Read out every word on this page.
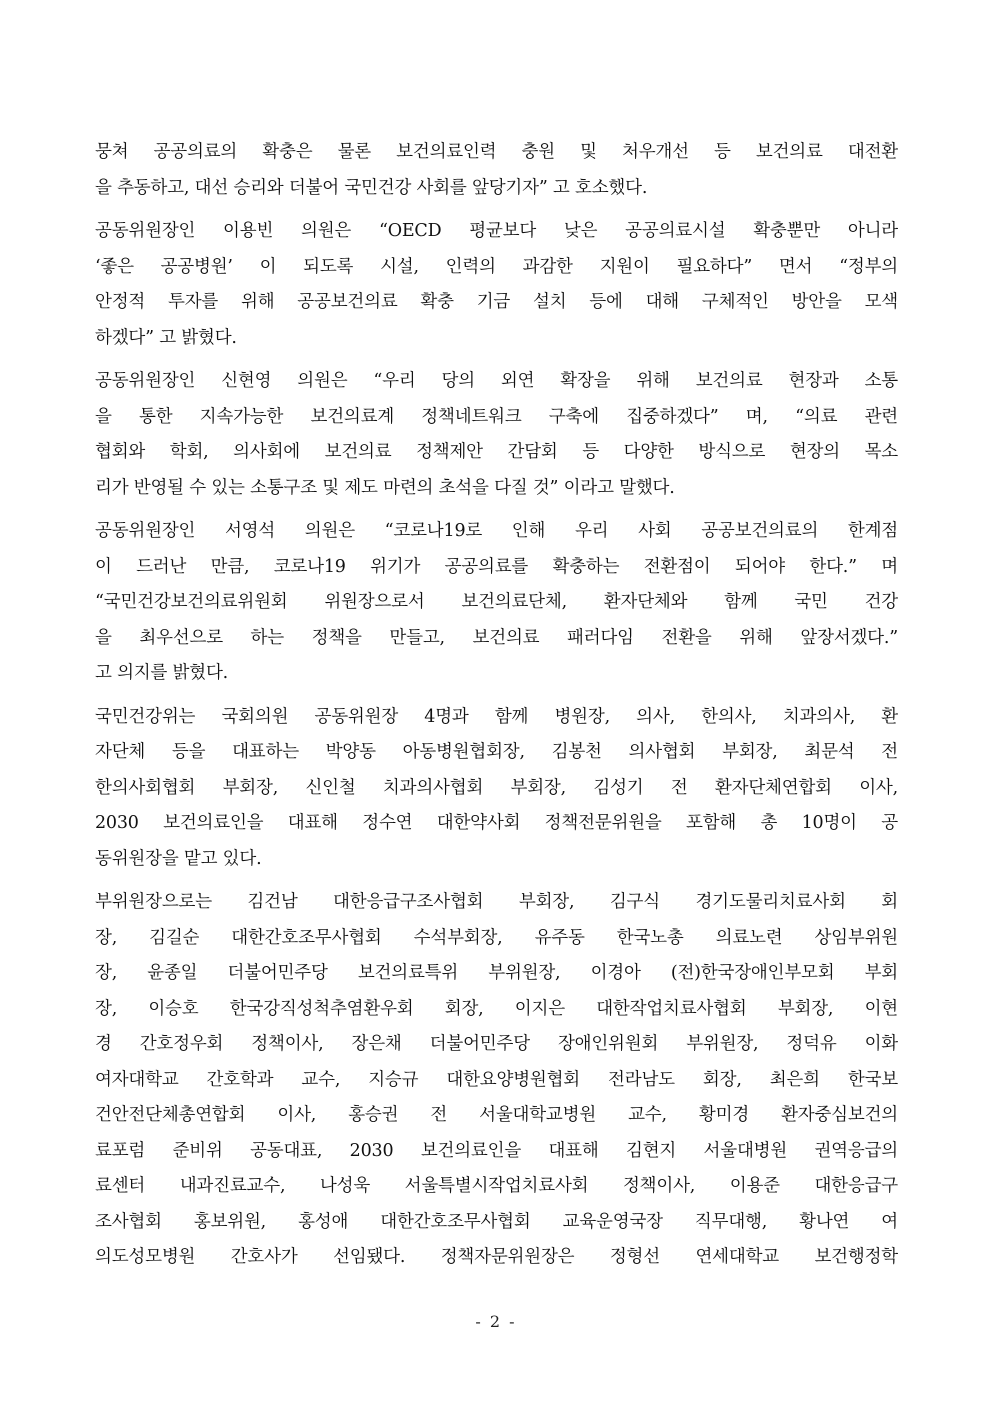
뭉쳐 공공의료의 확충은 물론 보건의료인력 충원 및 처우개선 등 보건의료 대전환
을 추동하고, 대선 승리와 더불어 국민건강 사회를 앞당기자” 고 호소했다.

공동위원장인 이용빈 의원은 “OECD 평균보다 낮은 공공의료시설 확충뿐만 아니라
‘좋은 공공병원’ 이 되도록 시설, 인력의 과감한 지원이 필요하다” 면서 “정부의
안정적 투자를 위해 공공보건의료 확충 기금 설치 등에 대해 구체적인 방안을 모색
하겠다” 고 밝혔다.

공동위원장인 신현영 의원은 “우리 당의 외연 확장을 위해 보건의료 현장과 소통
을 통한 지속가능한 보건의료계 정책네트워크 구축에 집중하겠다” 며, “의료 관련
협회와 학회, 의사회에 보건의료 정책제안 간담회 등 다양한 방식으로 현장의 목소
리가 반영될 수 있는 소통구조 및 제도 마련의 초석을 다질 것” 이라고 말했다.

공동위원장인 서영석 의원은 “코로나19로 인해 우리 사회 공공보건의료의 한계점
이 드러난 만큼, 코로나19 위기가 공공의료를 확충하는 전환점이 되어야 한다.” 며
“국민건강보건의료위원회 위원장으로서 보건의료단체, 환자단체와 함께 국민 건강
을 최우선으로 하는 정책을 만들고, 보건의료 패러다임 전환을 위해 앞장서겠다.”
고 의지를 밝혔다.

국민건강위는 국회의원 공동위원장 4명과 함께 병원장, 의사, 한의사, 치과의사, 환
자단체 등을 대표하는 박양동 아동병원협회장, 김봉천 의사협회 부회장, 최문석 전
한의사회협회 부회장, 신인철 치과의사협회 부회장, 김성기 전 환자단체연합회 이사,
2030 보건의료인을 대표해 정수연 대한약사회 정책전문위원을 포함해 총 10명이 공
동위원장을 맡고 있다.

부위원장으로는 김건남 대한응급구조사협회 부회장, 김구식 경기도물리치료사회 회
장, 김길순 대한간호조무사협회 수석부회장, 유주동 한국노총 의료노련 상임부위원
장, 윤종일 더불어민주당 보건의료특위 부위원장, 이경아 (전)한국장애인부모회 부회
장, 이승호 한국강직성척추염환우회 회장, 이지은 대한작업치료사협회 부회장, 이현
경 간호정우회 정책이사, 장은채 더불어민주당 장애인위원회 부위원장, 정덕유 이화
여자대학교 간호학과 교수, 지승규 대한요양병원협회 전라남도 회장, 최은희 한국보
건안전단체총연합회 이사, 홍승권 전 서울대학교병원 교수, 황미경 환자중심보건의
료포럼 준비위 공동대표, 2030 보건의료인을 대표해 김현지 서울대병원 권역응급의
료센터 내과진료교수, 나성욱 서울특별시작업치료사회 정책이사, 이용준 대한응급구
조사협회 홍보위원, 홍성애 대한간호조무사협회 교육운영국장 직무대행, 황나연 여
의도성모병원 간호사가 선임됐다. 정책자문위원장은 정형선 연세대학교 보건행정학

- 2 -
